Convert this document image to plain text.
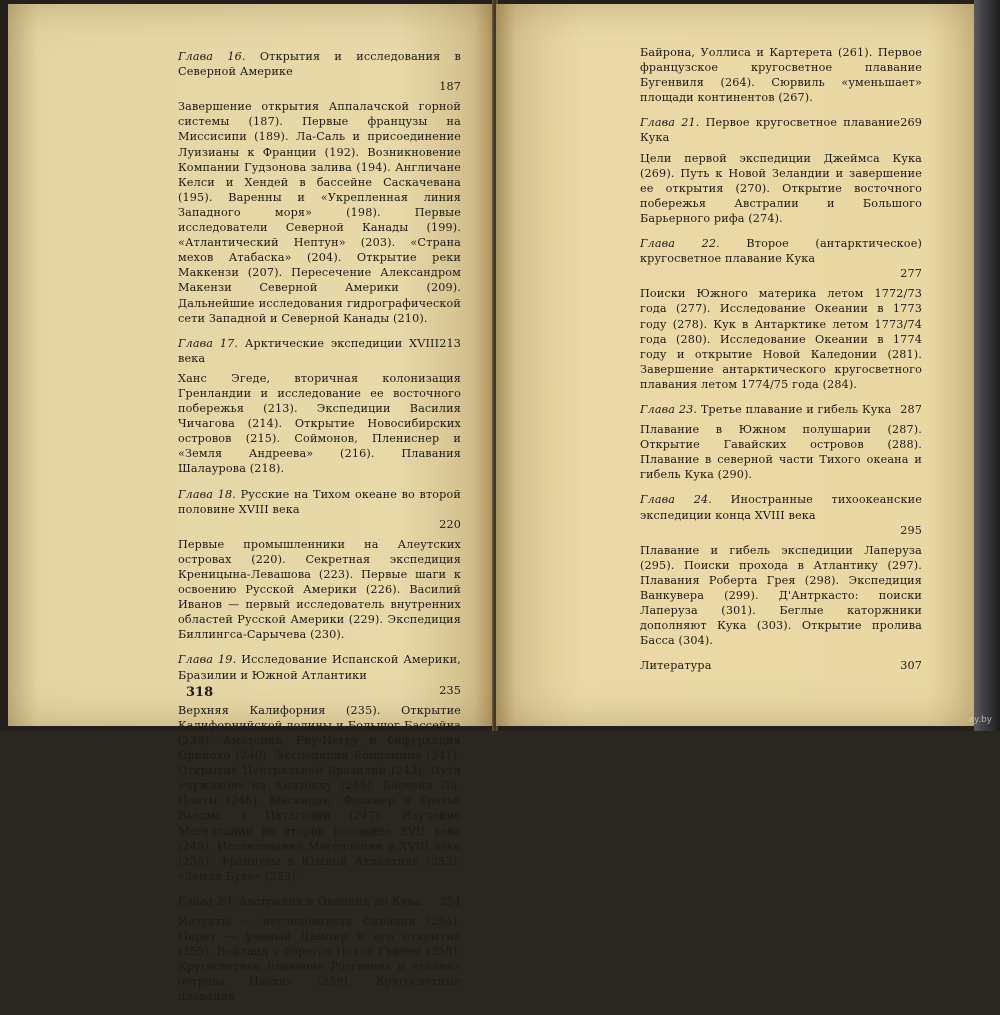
Глава 16. Открытия и исследования в Северной Америке
187
Завершение открытия Аппалачской горной системы (187). Первые французы на Миссисипи (189). Ла-Саль и присоединение Луизианы к Франции (192). Возникновение Компании Гудзонова залива (194). Англичане Келси и Хендей в бассейне Саскачевана (195). Варенны и «Укрепленная линия Западного моря» (198). Первые исследователи Северной Канады (199). «Атлантический Нептун» (203). «Страна мехов Атабаска» (204). Открытие реки Маккензи (207). Пересечение Александром Макензи Северной Америки (209). Дальнейшие исследования гидрографической сети Западной и Северной Канады (210).
213
Глава 17. Арктические экспедиции XVIII века
Ханс Эгеде, вторичная колонизация Гренландии и исследование ее восточного побережья (213). Экспедиции Василия Чичагова (214). Открытие Новосибирских островов (215). Соймонов, Плениснер и «Земля Андреева» (216). Плавания Шалаурова (218).
Глава 18. Русские на Тихом океане во второй половине XVIII века
220
Первые промышленники на Алеутских островах (220). Секретная экспедиция Креницына-Левашова (223). Первые шаги к освоению Русской Америки (226). Василий Иванов — первый исследователь внутренних областей Русской Америки (229). Экспедиция Биллингса-Сарычева (230).
Глава 19. Исследование Испанской Америки, Бразилии и Южной Атлантики
235
Верхняя Калифорния (235). Открытие Калифорнийской долины и Большог Бассейна (238). Амазонка, Риу-Негру и бифуркация Ориноко (240). Экспедиция Кондамина (241). Открытие Центральной Бразилии (243). Пути «чужаков» на Амазонку (245). Бассейн Ла-Платы (246). Маскарди, Фолкнер и братья Вьедма в Патагонии (247). Изучение Магеллании во второй половине XVII века (249). Исследование Магеллании в XVIII веке (250). Французы в Южной Атлантике (252). «Земля Буве» (253).
254
Глава 20. Австралия и Океания до Кука
Иезуиты — исследователи Океании (254). Пират — ученый Дампир и его открытия (255). Вейланд у берегов Новой Гвинеи (258). Кругосветное плавание Роггевена и «тайна» острова Пасхи» (259). Кругосветные плавания
318
Байрона, Уоллиса и Картерета (261). Первое французское кругосветное плавание Бугенвиля (264). Сюрвиль «уменьшает» площади континентов (267).
269
Глава 21. Первое кругосветное плавание Кука
Цели первой экспедиции Джеймса Кука (269). Путь к Новой Зеландии и завершение ее открытия (270). Открытие восточного побережья Австралии и Большого Барьерного рифа (274).
Глава 22. Второе (антарктическое) кругосветное плавание Кука
277
Поиски Южного материка летом 1772/73 года (277). Исследование Океании в 1773 году (278). Кук в Антарктике летом 1773/74 года (280). Исследование Океании в 1774 году и открытие Новой Каледонии (281). Завершение антарктического кругосветного плавания летом 1774/75 года (284).
287
Глава 23. Третье плавание и гибель Кука
Плавание в Южном полушарии (287). Открытие Гавайских островов (288). Плавание в северной части Тихого океана и гибель Кука (290).
Глава 24. Иностранные тихоокеанские экспедиции конца XVIII века
295
Плавание и гибель экспедиции Лаперуза (295). Поиски прохода в Атлантику (297). Плавания Роберта Грея (298). Экспедиция Ванкувера (299). Д'Антркасто: поиски Лаперуза (301). Беглые каторжники дополняют Кука (303). Открытие пролива Басса (304).
307
Литература
ay.by
